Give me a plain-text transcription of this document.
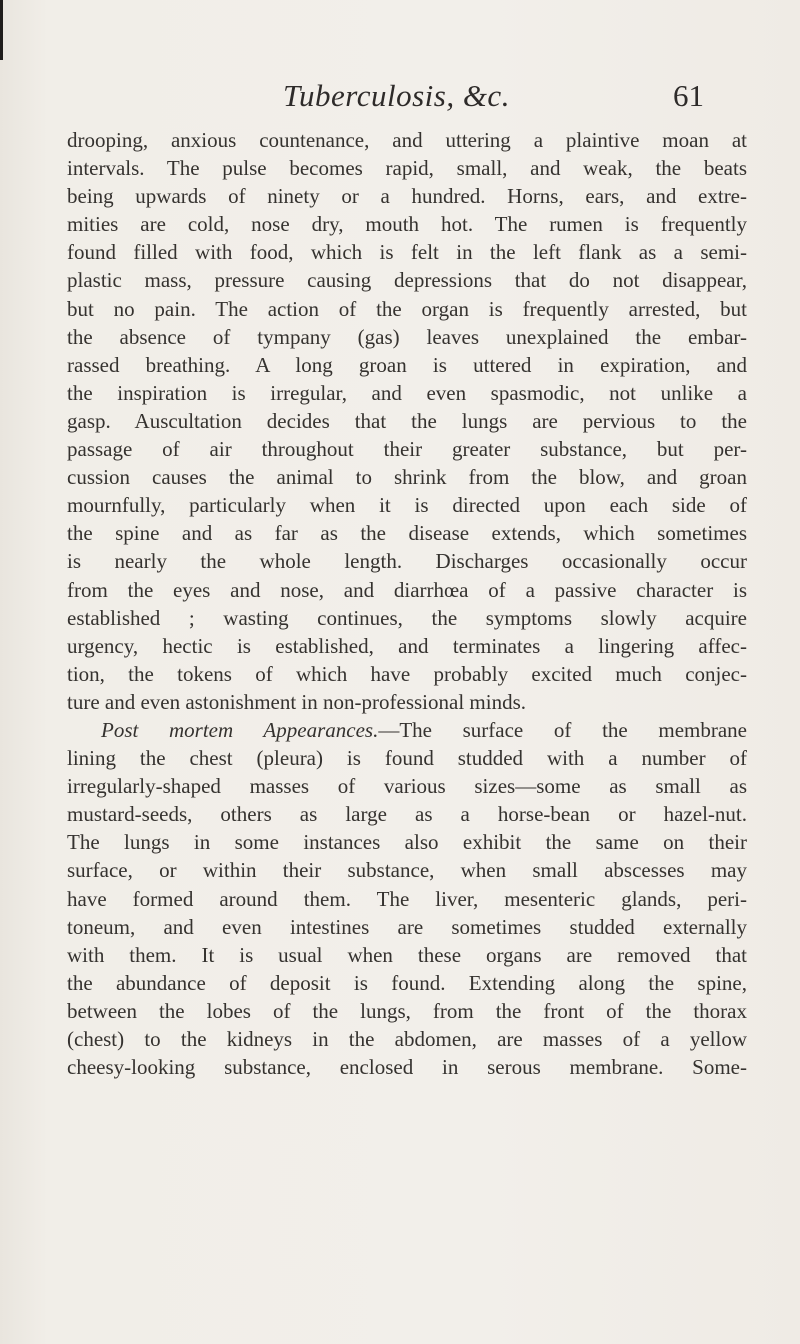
Tuberculosis, &c.	61
drooping, anxious countenance, and uttering a plaintive moan at
intervals. The pulse becomes rapid, small, and weak, the beats
being upwards of ninety or a hundred. Horns, ears, and extre-
mities are cold, nose dry, mouth hot. The rumen is frequently
found filled with food, which is felt in the left flank as a semi-
plastic mass, pressure causing depressions that do not disappear,
but no pain. The action of the organ is frequently arrested, but
the absence of tympany (gas) leaves unexplained the embar-
rassed breathing. A long groan is uttered in expiration, and
the inspiration is irregular, and even spasmodic, not unlike a
gasp. Auscultation decides that the lungs are pervious to the
passage of air throughout their greater substance, but per-
cussion causes the animal to shrink from the blow, and groan
mournfully, particularly when it is directed upon each side of
the spine and as far as the disease extends, which sometimes
is nearly the whole length. Discharges occasionally occur
from the eyes and nose, and diarrhœa of a passive character is
established ; wasting continues, the symptoms slowly acquire
urgency, hectic is established, and terminates a lingering affec-
tion, the tokens of which have probably excited much conjec-
ture and even astonishment in non-professional minds.
Post mortem Appearances.—The surface of the membrane
lining the chest (pleura) is found studded with a number of
irregularly-shaped masses of various sizes—some as small as
mustard-seeds, others as large as a horse-bean or hazel-nut.
The lungs in some instances also exhibit the same on their
surface, or within their substance, when small abscesses may
have formed around them. The liver, mesenteric glands, peri-
toneum, and even intestines are sometimes studded externally
with them. It is usual when these organs are removed that
the abundance of deposit is found. Extending along the spine,
between the lobes of the lungs, from the front of the thorax
(chest) to the kidneys in the abdomen, are masses of a yellow
cheesy-looking substance, enclosed in serous membrane. Some-
